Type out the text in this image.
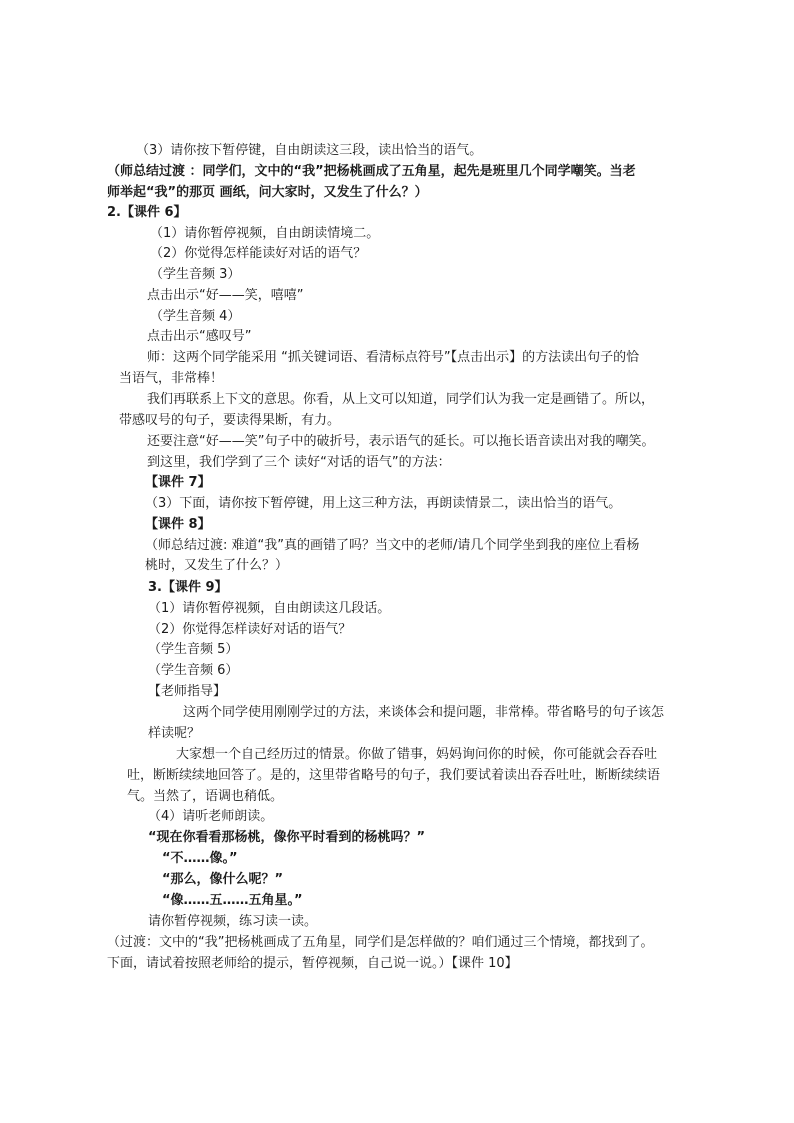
（3）请你按下暂停键，自由朗读这三段，读出恰当的语气。
（师总结过渡 ：同学们，文中的“我”把杨桃画成了五角星，起先是班里几个同学嘲笑。当老
师举起“我”的那页 画纸，问大家时，又发生了什么？）
2.【课件 6】
（1）请你暂停视频，自由朗读情境二。
（2）你觉得怎样能读好对话的语气？
（学生音频 3）
点击出示“好——笑，嘻嘻”
（学生音频 4）
点击出示“感叹号”
师：这两个同学能采用 “抓关键词语、看清标点符号”【点击出示】的方法读出句子的恰
当语气，非常棒！
我们再联系上下文的意思。你看，从上文可以知道，同学们认为我一定是画错了。所以，
带感叹号的句子，要读得果断，有力。
还要注意“好——笑”句子中的破折号，表示语气的延长。可以拖长语音读出对我的嘲笑。
到这里，我们学到了三个 读好“对话的语气”的方法：
【课件 7】
（3）下面，请你按下暂停键，用上这三种方法，再朗读情景二，读出恰当的语气。
【课件 8】
（师总结过渡: 难道“我”真的画错了吗？当文中的老师/请几个同学坐到我的座位上看杨
桃时，又发生了什么？）
3.【课件 9】
（1）请你暂停视频，自由朗读这几段话。
（2）你觉得怎样读好对话的语气？
（学生音频 5）
（学生音频 6）
【老师指导】
这两个同学使用刚刚学过的方法，来谈体会和提问题，非常棒。带省略号的句子该怎
样读呢？
大家想一个自己经历过的情景。你做了错事，妈妈询问你的时候，你可能就会吞吞吐
吐，断断续续地回答了。是的，这里带省略号的句子，我们要试着读出吞吞吐吐，断断续续语
气。当然了，语调也稍低。
（4）请听老师朗读。
“现在你看看那杨桃，像你平时看到的杨桃吗？”
“不……像。”
“那么，像什么呢？”
“像……五……五角星。”
请你暂停视频，练习读一读。
（过渡：文中的“我”把杨桃画成了五角星，同学们是怎样做的？咱们通过三个情境，都找到了。
下面，请试着按照老师给的提示，暂停视频，自己说一说。）【课件 10】
